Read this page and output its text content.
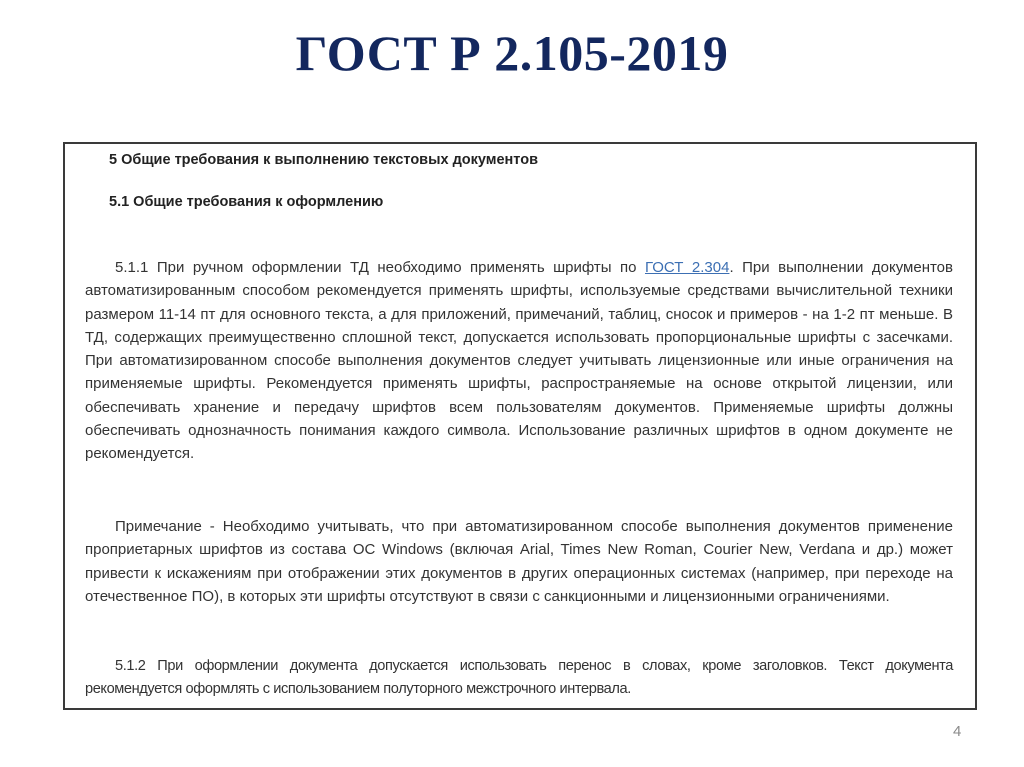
ГОСТ Р 2.105-2019
5 Общие требования к выполнению текстовых документов
5.1 Общие требования к оформлению
5.1.1 При ручном оформлении ТД необходимо применять шрифты по ГОСТ 2.304. При выполнении документов автоматизированным способом рекомендуется применять шрифты, используемые средствами вычислительной техники размером 11-14 пт для основного текста, а для приложений, примечаний, таблиц, сносок и примеров - на 1-2 пт меньше. В ТД, содержащих преимущественно сплошной текст, допускается использовать пропорциональные шрифты с засечками. При автоматизированном способе выполнения документов следует учитывать лицензионные или иные ограничения на применяемые шрифты. Рекомендуется применять шрифты, распространяемые на основе открытой лицензии, или обеспечивать хранение и передачу шрифтов всем пользователям документов. Применяемые шрифты должны обеспечивать однозначность понимания каждого символа. Использование различных шрифтов в одном документе не рекомендуется.
Примечание - Необходимо учитывать, что при автоматизированном способе выполнения документов применение проприетарных шрифтов из состава ОС Windows (включая Arial, Times New Roman, Courier New, Verdana и др.) может привести к искажениям при отображении этих документов в других операционных системах (например, при переходе на отечественное ПО), в которых эти шрифты отсутствуют в связи с санкционными и лицензионными ограничениями.
5.1.2 При оформлении документа допускается использовать перенос в словах, кроме заголовков. Текст документа рекомендуется оформлять с использованием полуторного межстрочного интервала.
4
